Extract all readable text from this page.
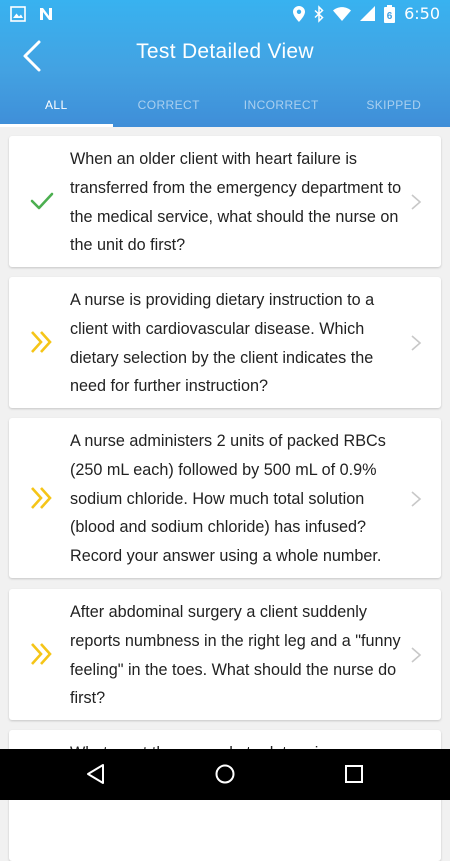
6 6:50
Test Detailed View
ALL	CORRECT	INCORRECT	SKIPPED
When an older client with heart failure is transferred from the emergency department to the medical service, what should the nurse on the unit do first?
A nurse is providing dietary instruction to a client with cardiovascular disease. Which dietary selection by the client indicates the need for further instruction?
A nurse administers 2 units of packed RBCs (250 mL each) followed by 500 mL of 0.9% sodium chloride. How much total solution (blood and sodium chloride) has infused? Record your answer using a whole number.
After abdominal surgery a client suddenly reports numbness in the right leg and a "funny feeling" in the toes. What should the nurse do first?
